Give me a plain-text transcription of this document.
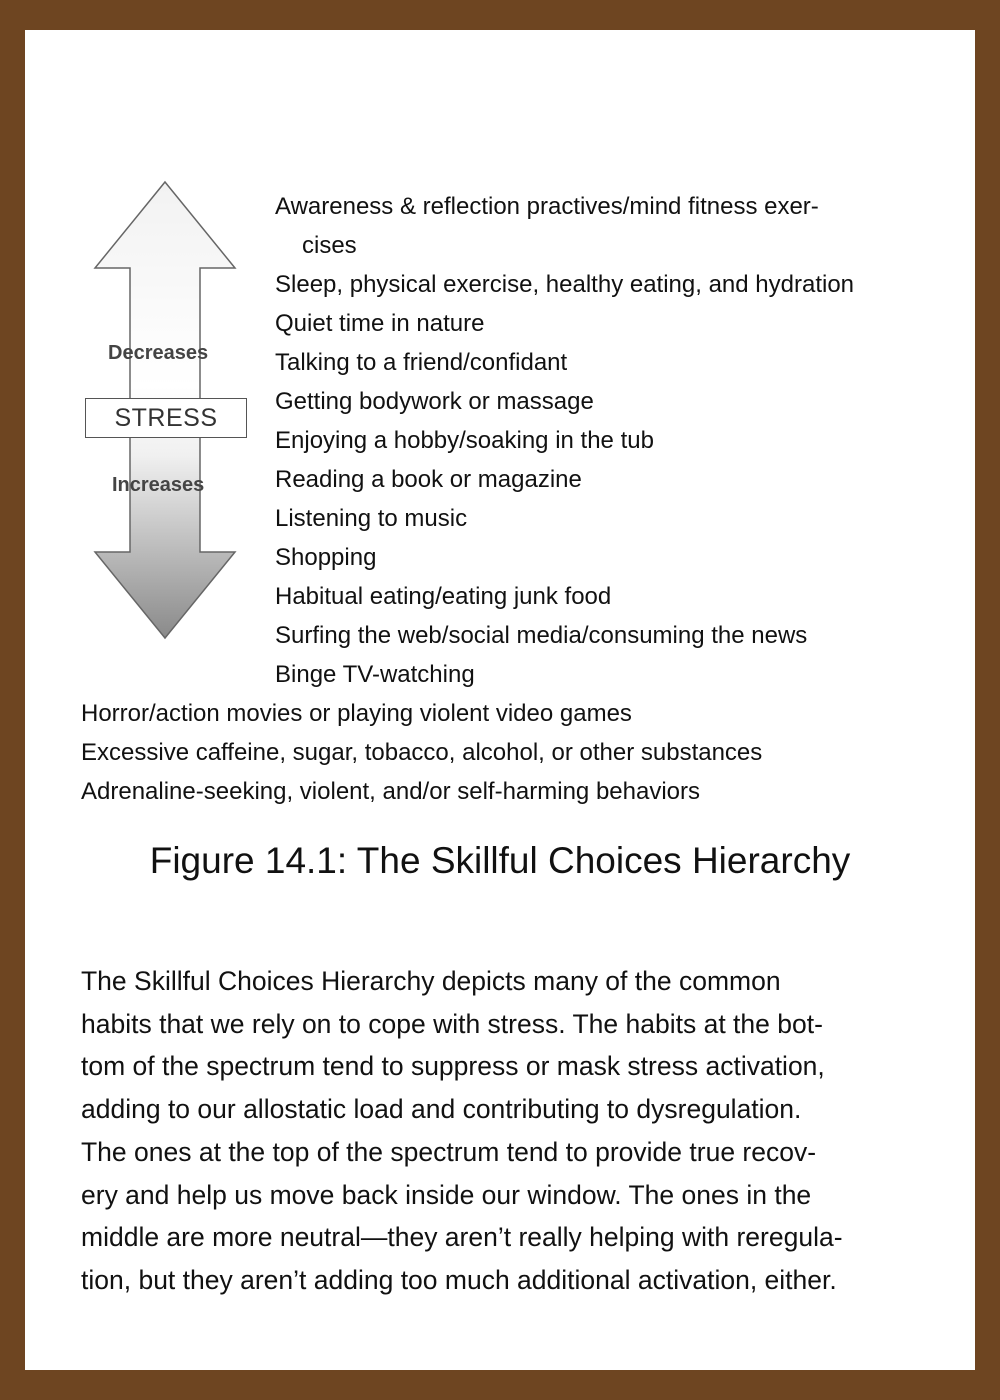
Decreases
STRESS
Increases
Awareness & reflection practives/mind fitness exer-
cises
Sleep, physical exercise, healthy eating, and hydration
Quiet time in nature
Talking to a friend/confidant
Getting bodywork or massage
Enjoying a hobby/soaking in the tub
Reading a book or magazine
Listening to music
Shopping
Habitual eating/eating junk food
Surfing the web/social media/consuming the news
Binge TV-watching
Horror/action movies or playing violent video games
Excessive caffeine, sugar, tobacco, alcohol, or other substances
Adrenaline-seeking, violent, and/or self-harming behaviors
Figure 14.1: The Skillful Choices Hierarchy

The Skillful Choices Hierarchy depicts many of the common
habits that we rely on to cope with stress. The habits at the bot-
tom of the spectrum tend to suppress or mask stress activation,
adding to our allostatic load and contributing to dysregulation.
The ones at the top of the spectrum tend to provide true recov-
ery and help us move back inside our window. The ones in the
middle are more neutral—they aren’t really helping with reregula-
tion, but they aren’t adding too much additional activation, either.
